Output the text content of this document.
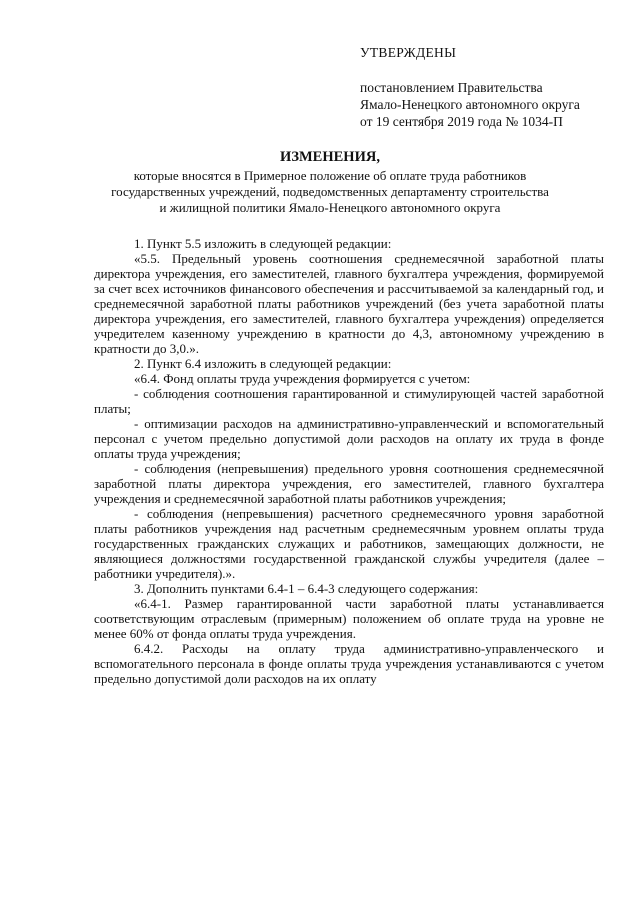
УТВЕРЖДЕНЫ
постановлением Правительства
Ямало-Ненецкого автономного округа
от 19 сентября 2019 года № 1034-П
ИЗМЕНЕНИЯ,
которые вносятся в Примерное положение об оплате труда работников
государственных учреждений, подведомственных департаменту строительства
и жилищной политики Ямало-Ненецкого автономного округа

1. Пункт 5.5 изложить в следующей редакции:

«5.5. Предельный уровень соотношения среднемесячной заработной платы директора учреждения, его заместителей, главного бухгалтера учреждения, формируемой за счет всех источников финансового обеспечения и рассчитываемой за календарный год, и среднемесячной заработной платы работников учреждений (без учета заработной платы директора учреждения, его заместителей, главного бухгалтера учреждения) определяется учредителем казенному учреждению в кратности до 4,3, автономному учреждению в кратности до 3,0.».

2. Пункт 6.4 изложить в следующей редакции:

«6.4. Фонд оплаты труда учреждения формируется с учетом:

- соблюдения соотношения гарантированной и стимулирующей частей заработной платы;

- оптимизации расходов на административно-управленческий и вспомогательный персонал с учетом предельно допустимой доли расходов на оплату их труда в фонде оплаты труда учреждения;

- соблюдения (непревышения) предельного уровня соотношения среднемесячной заработной платы директора учреждения, его заместителей, главного бухгалтера учреждения и среднемесячной заработной платы работников учреждения;

- соблюдения (непревышения) расчетного среднемесячного уровня заработной платы работников учреждения над расчетным среднемесячным уровнем оплаты труда государственных гражданских служащих и работников, замещающих должности, не являющиеся должностями государственной гражданской службы учредителя (далее – работники учредителя).».

3. Дополнить пунктами 6.4-1 – 6.4-3 следующего содержания:

«6.4-1. Размер гарантированной части заработной платы устанавливается соответствующим отраслевым (примерным) положением об оплате труда на уровне не менее 60% от фонда оплаты труда учреждения.

6.4.2. Расходы на оплату труда административно-управленческого и вспомогательного персонала в фонде оплаты труда учреждения устанавливаются с учетом предельно допустимой доли расходов на их оплату
